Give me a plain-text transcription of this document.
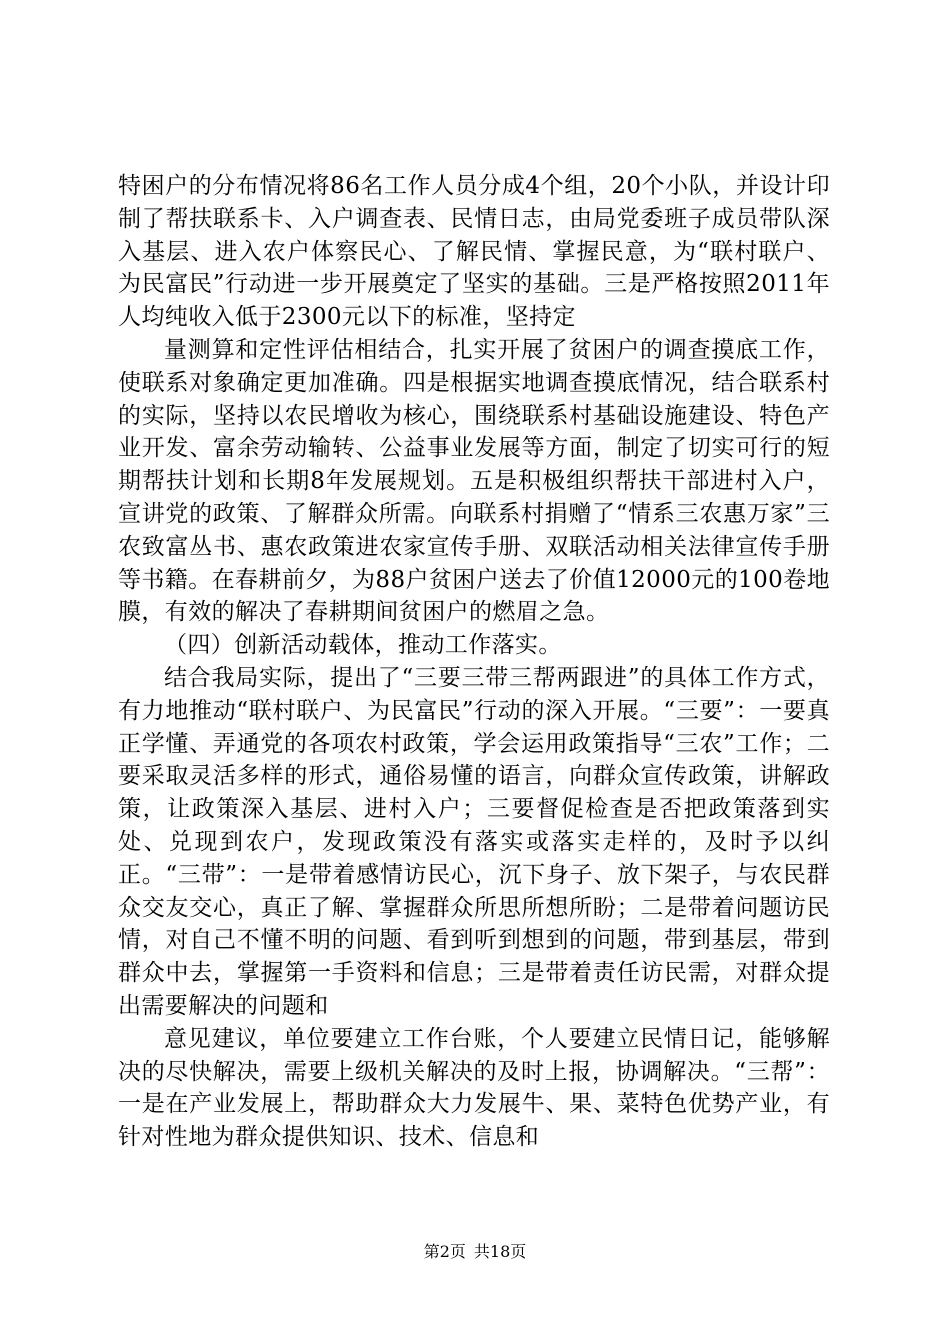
特困户的分布情况将86名工作人员分成4个组，20个小队，并设计印制了帮扶联系卡、入户调查表、民情日志，由局党委班子成员带队深入基层、进入农户体察民心、了解民情、掌握民意，为“联村联户、为民富民”行动进一步开展奠定了坚实的基础。三是严格按照2011年人均纯收入低于2300元以下的标准，坚持定

量测算和定性评估相结合，扎实开展了贫困户的调查摸底工作，使联系对象确定更加准确。四是根据实地调查摸底情况，结合联系村的实际，坚持以农民增收为核心，围绕联系村基础设施建设、特色产业开发、富余劳动输转、公益事业发展等方面，制定了切实可行的短期帮扶计划和长期8年发展规划。五是积极组织帮扶干部进村入户，宣讲党的政策、了解群众所需。向联系村捐赠了“情系三农惠万家”三农致富丛书、惠农政策进农家宣传手册、双联活动相关法律宣传手册等书籍。在春耕前夕，为88户贫困户送去了价值12000元的100卷地膜，有效的解决了春耕期间贫困户的燃眉之急。

（四）创新活动载体，推动工作落实。

结合我局实际，提出了“三要三带三帮两跟进”的具体工作方式，有力地推动“联村联户、为民富民”行动的深入开展。“三要”：一要真正学懂、弄通党的各项农村政策，学会运用政策指导“三农”工作；二要采取灵活多样的形式，通俗易懂的语言，向群众宣传政策，讲解政策，让政策深入基层、进村入户；三要督促检查是否把政策落到实处、兑现到农户，发现政策没有落实或落实走样的，及时予以纠正。“三带”：一是带着感情访民心，沉下身子、放下架子，与农民群众交友交心，真正了解、掌握群众所思所想所盼；二是带着问题访民情，对自己不懂不明的问题、看到听到想到的问题，带到基层，带到群众中去，掌握第一手资料和信息；三是带着责任访民需，对群众提出需要解决的问题和

意见建议，单位要建立工作台账，个人要建立民情日记，能够解决的尽快解决，需要上级机关解决的及时上报，协调解决。“三帮”：一是在产业发展上，帮助群众大力发展牛、果、菜特色优势产业，有针对性地为群众提供知识、技术、信息和

第2页 共18页
